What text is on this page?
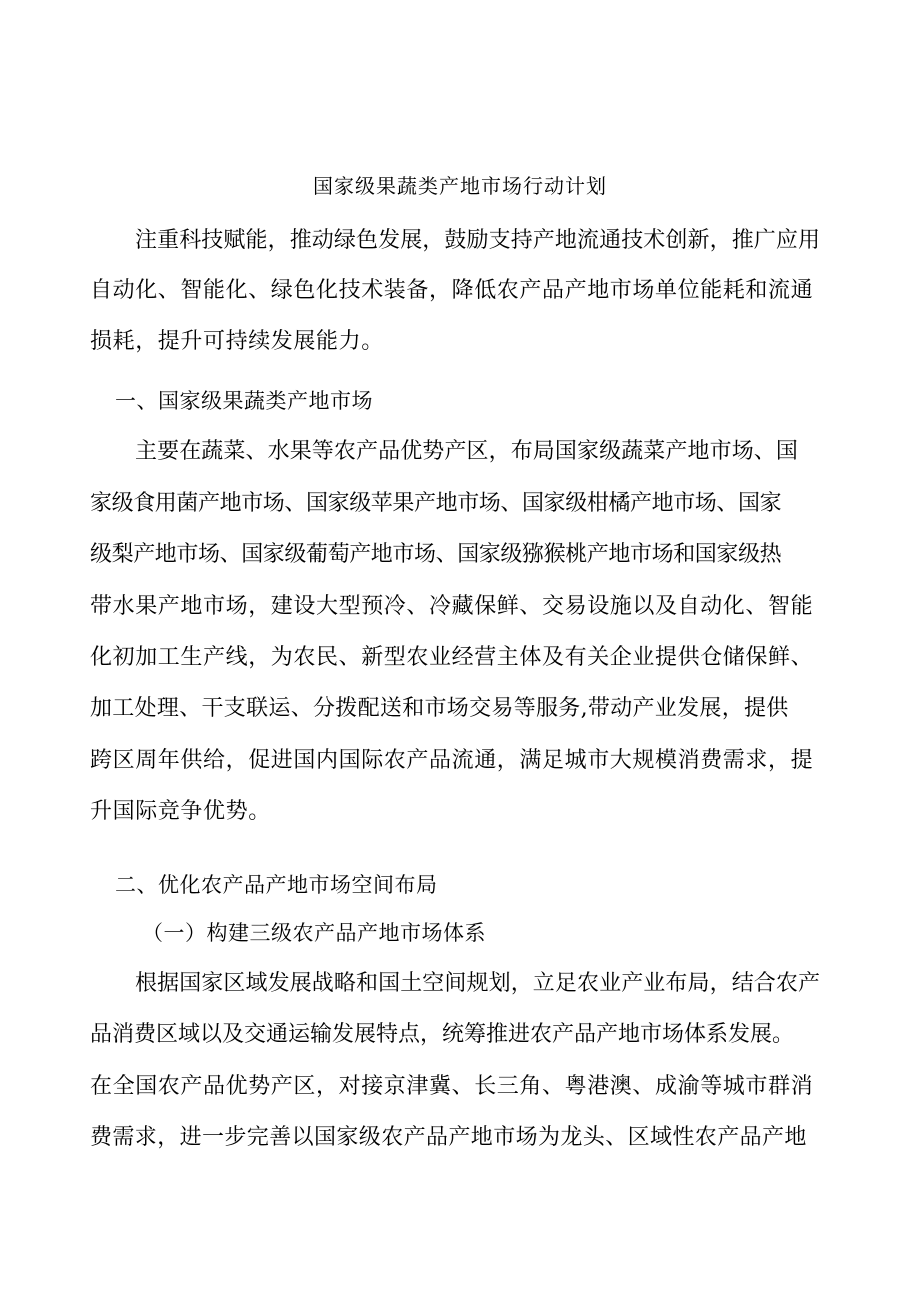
国家级果蔬类产地市场行动计划
注重科技赋能，推动绿色发展，鼓励支持产地流通技术创新，推广应用
自动化、智能化、绿色化技术装备，降低农产品产地市场单位能耗和流通
损耗，提升可持续发展能力。
一、国家级果蔬类产地市场
主要在蔬菜、水果等农产品优势产区，布局国家级蔬菜产地市场、国
家级食用菌产地市场、国家级苹果产地市场、国家级柑橘产地市场、国家
级梨产地市场、国家级葡萄产地市场、国家级猕猴桃产地市场和国家级热
带水果产地市场，建设大型预冷、冷藏保鲜、交易设施以及自动化、智能
化初加工生产线，为农民、新型农业经营主体及有关企业提供仓储保鲜、
加工处理、干支联运、分拨配送和市场交易等服务,带动产业发展，提供
跨区周年供给，促进国内国际农产品流通，满足城市大规模消费需求，提
升国际竞争优势。
二、优化农产品产地市场空间布局
（一）构建三级农产品产地市场体系
根据国家区域发展战略和国土空间规划，立足农业产业布局，结合农产
品消费区域以及交通运输发展特点，统筹推进农产品产地市场体系发展。
在全国农产品优势产区，对接京津冀、长三角、粤港澳、成渝等城市群消
费需求，进一步完善以国家级农产品产地市场为龙头、区域性农产品产地
